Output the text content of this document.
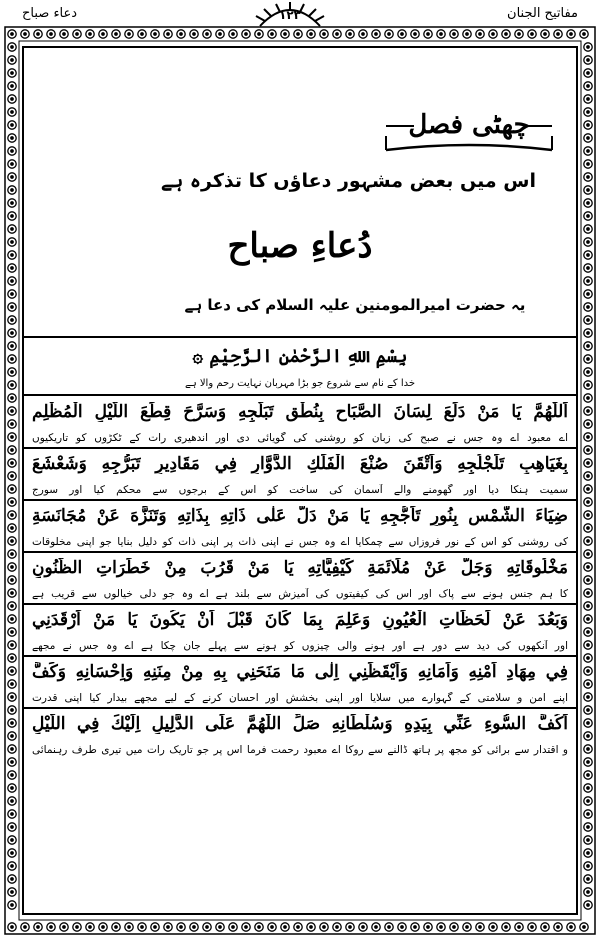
دعاء صباح	مفاتیح الجنان
۱۲۳
چھٹی فصل
اس میں بعض مشہور دعاؤں کا تذکرہ ہے
دُعاءِ صباح
یہ حضرت امیرالمومنین علیہ السلام کی دعا ہے
بِسْمِ اللهِ الرَّحْمٰنِ الرَّحِيْمِ ۞
خدا کے نام سے شروع جو بڑا مہربان نہایت رحم والا ہے
اَللّٰهُمَّ يَا مَنْ دَلَعَ لِسَانَ الصَّبَاحِ بِنُطْقِ تَبَلُّجِهِ وَسَرَّحَ قِطَعَ اللَّيْلِ الْمُظْلِمِ
اے معبود اے وہ جس نے صبح کی زبان کو روشنی کی گویائی دی اور اندھیری رات کے ٹکڑوں کو تاریکیوں
بِغَيَاهِبِ تَلَجْلُجِهِ وَاَتْقَنَ صُنْعَ الْفَلَكِ الدَّوَّارِ فِي مَقَادِيرِ تَبَرُّجِهِ وَشَعْشَعَ
سمیت ہنکا دیا اور گھومنے والے آسمان کی ساخت کو اس کے برجوں سے محکم کیا اور سورج
ضِيَاءَ الشَّمْسِ بِنُورِ تَاَجُّجِهِ يَا مَنْ دَلَّ عَلٰى ذَاتِهِ بِذَاتِهِ وَتَنَزَّهَ عَنْ مُجَانَسَةِ
کی روشنی کو اس کے نور فروزاں سے چمکایا اے وہ جس نے اپنی ذات پر اپنی ذات کو دلیل بنایا جو اپنی مخلوقات
مَخْلُوقَاتِهِ وَجَلَّ عَنْ مُلَائَمَةِ كَيْفِيَّاتِهِ يَا مَنْ قَرُبَ مِنْ خَطَرَاتِ الظُّنُونِ
کا ہم جنس ہونے سے پاک اور اس کی کیفیتوں کی آمیزش سے بلند ہے اے وہ جو دلی خیالوں سے قریب ہے
وَبَعُدَ عَنْ لَحَظَاتِ الْعُيُونِ وَعَلِمَ بِمَا كَانَ قَبْلَ اَنْ يَكُونَ يَا مَنْ اَرْقَدَنِي
اور آنکھوں کی دید سے دور ہے اور ہونے والی چیزوں کو ہونے سے پہلے جان چکا ہے اے وہ جس نے مجھے
فِي مِهَادِ اَمْنِهِ وَاَمَانِهِ وَاَيْقَظَنِي اِلٰى مَا مَنَحَنِي بِهِ مِنْ مِنَنِهِ وَاِحْسَانِهِ وَكَفَّ
اپنے امن و سلامتی کے گہوارے میں سلایا اور اپنی بخشش اور احسان کرنے کے لیے مجھے بیدار کیا اپنی قدرت
اَكُفَّ السُّوءِ عَنِّي بِيَدِهِ وَسُلْطَانِهِ صَلِّ اللّٰهُمَّ عَلَى الدَّلِيلِ اِلَيْكَ فِي اللَّيْلِ
و اقتدار سے برائی کو مجھ پر ہاتھ ڈالنے سے روکا اے معبود رحمت فرما اس پر جو تاریک رات میں تیری طرف رہنمائی
